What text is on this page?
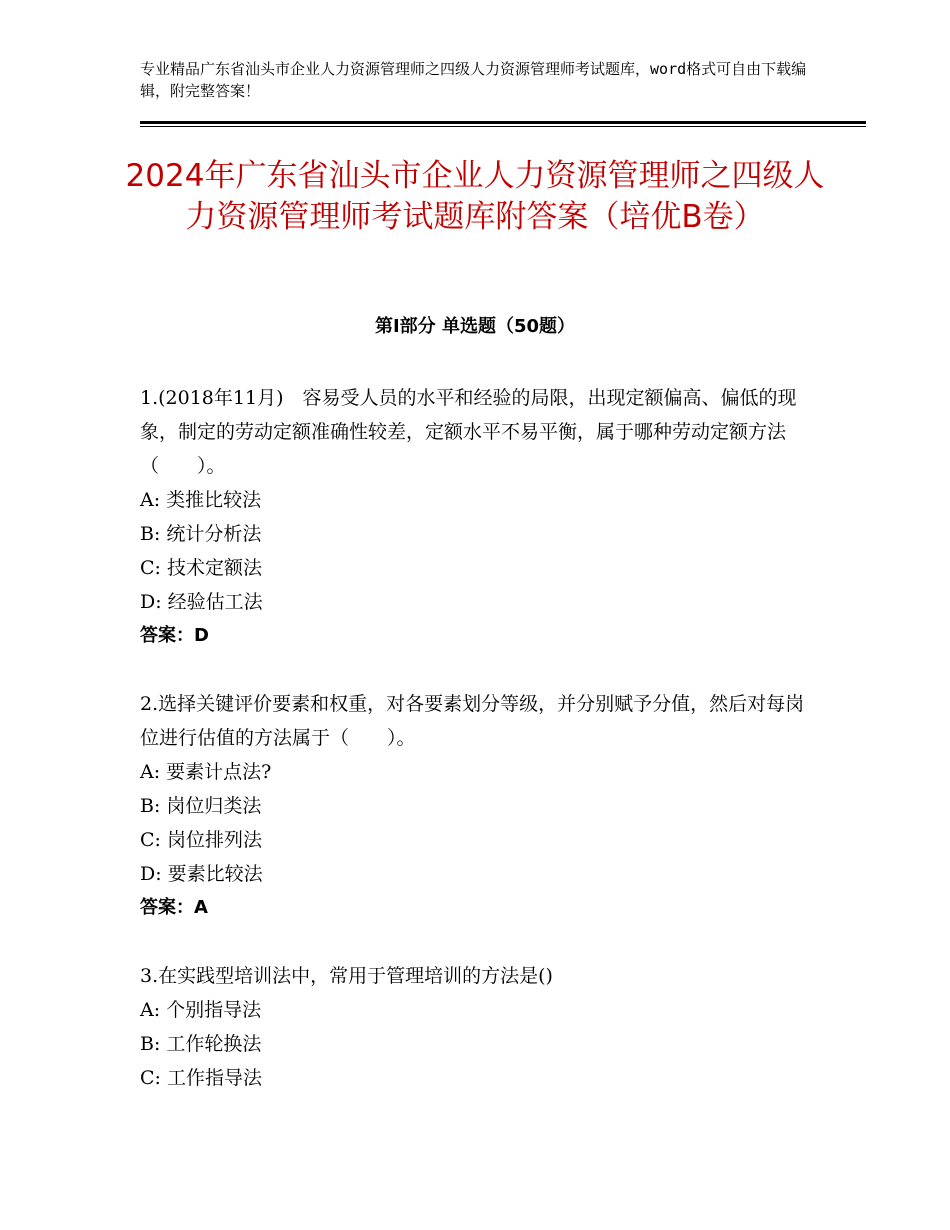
专业精品广东省汕头市企业人力资源管理师之四级人力资源管理师考试题库，word格式可自由下载编辑，附完整答案！
2024年广东省汕头市企业人力资源管理师之四级人力资源管理师考试题库附答案（培优B卷）
第Ⅰ部分 单选题（50题）

1.(2018年11月)　容易受人员的水平和经验的局限，出现定额偏高、偏低的现象，制定的劳动定额准确性较差，定额水平不易平衡，属于哪种劳动定额方法（　　）。

A: 类推比较法

B: 统计分析法

C: 技术定额法

D: 经验估工法

答案：D

2.选择关键评价要素和权重，对各要素划分等级，并分别赋予分值，然后对每岗位进行估值的方法属于（　　）。

A: 要素计点法?

B: 岗位归类法

C: 岗位排列法

D: 要素比较法

答案：A

3.在实践型培训法中，常用于管理培训的方法是()

A: 个别指导法

B: 工作轮换法

C: 工作指导法
